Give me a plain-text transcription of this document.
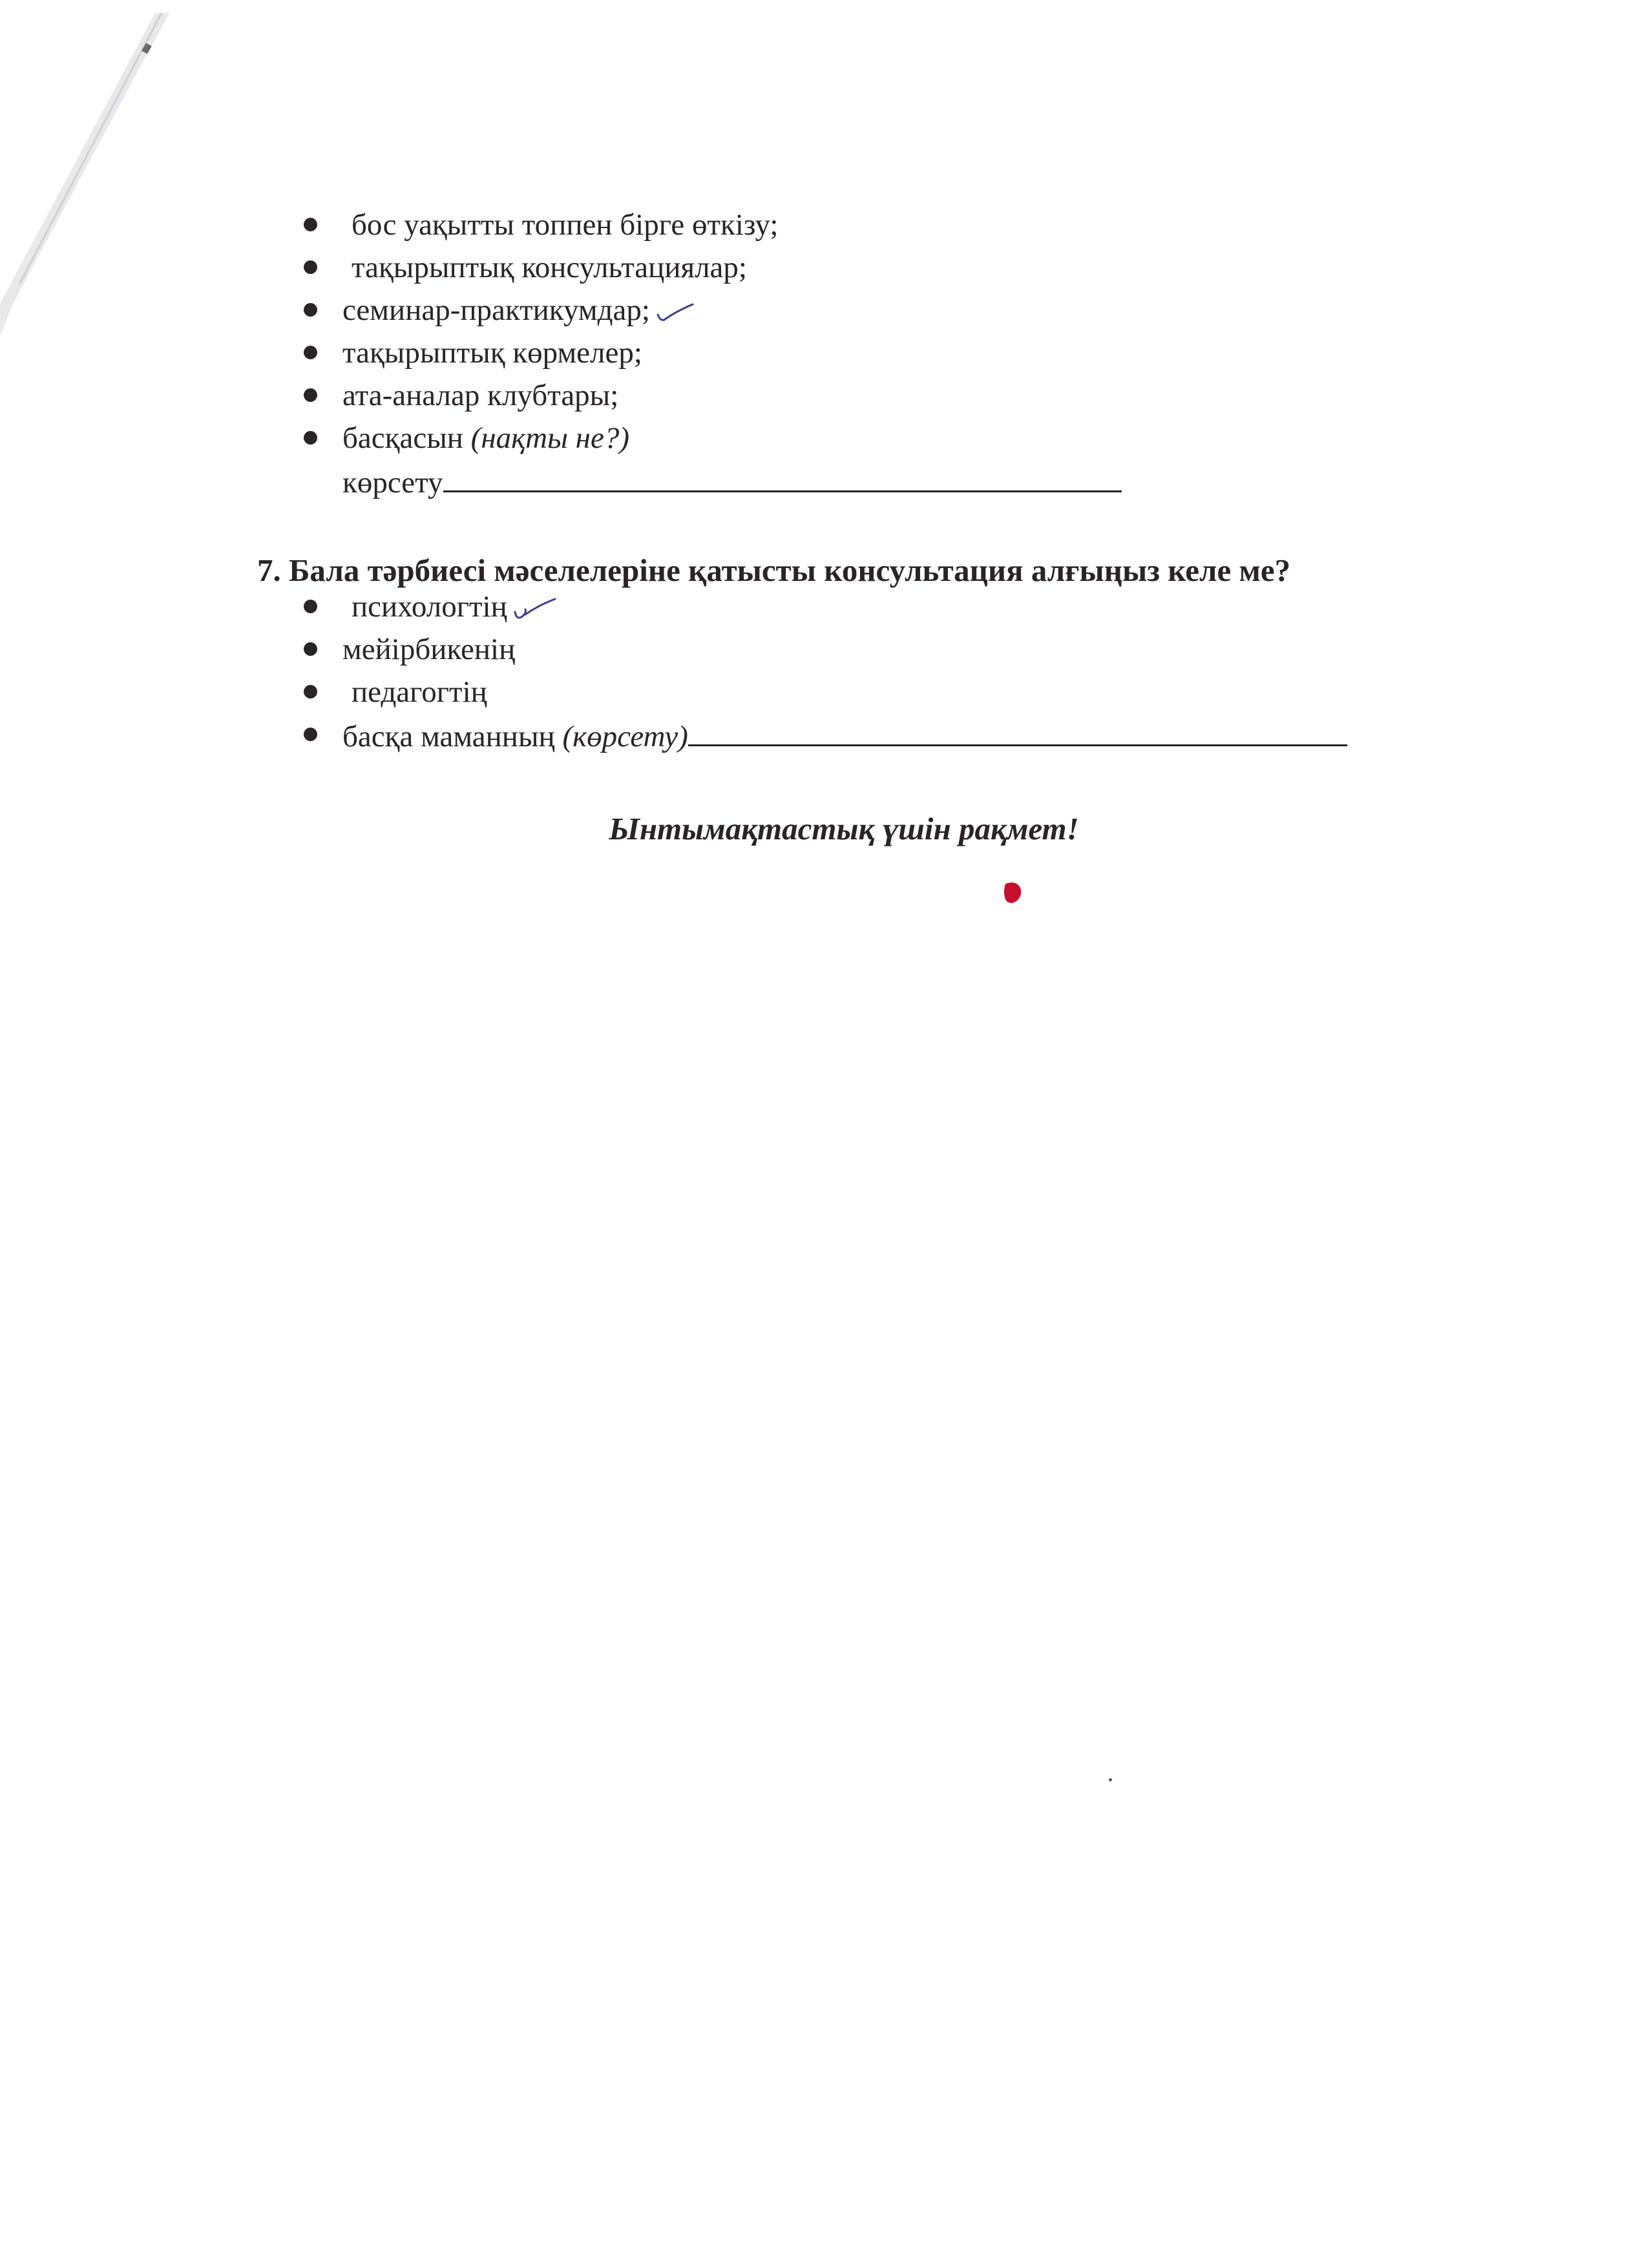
бос уақытты топпен бірге өткізу;
тақырыптық консультациялар;
семинар-практикумдар;
тақырыптық көрмелер;
ата-аналар клубтары;
басқасын (нақты не?)
көрсету
7. Бала тәрбиесі мәселелеріне қатысты консультация алғыңыз келе ме?
психологтің
мейірбикенің
педагогтің
басқа маманның (көрсету)
Ынтымақтастық үшін рақмет!
